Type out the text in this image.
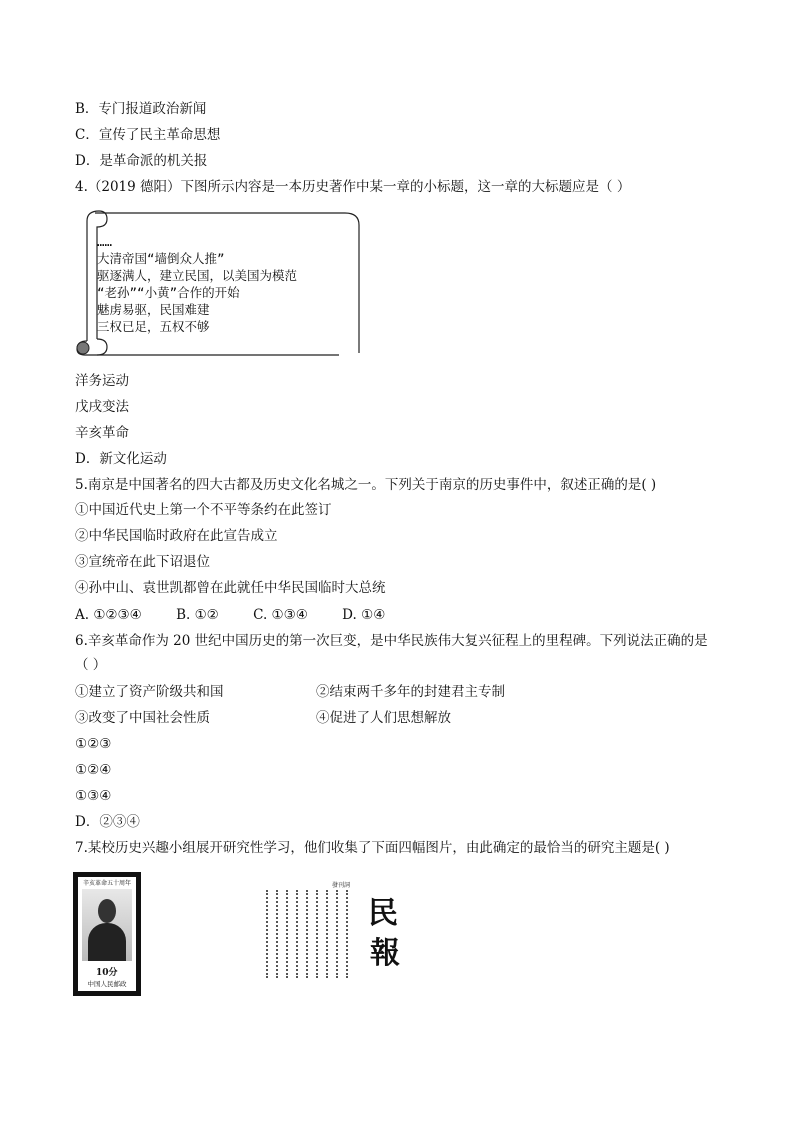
B．专门报道政治新闻
C．宣传了民主革命思想
D．是革命派的机关报
4.（2019 德阳）下图所示内容是一本历史著作中某一章的小标题，这一章的大标题应是（ ）
……
大清帝国“墙倒众人推”
驱逐满人，建立民国，以美国为模范
“老孙”“小黄”合作的开始
魅虏易驱，民国难建
三权已足，五权不够
洋务运动
戊戌变法
辛亥革命
D．新文化运动
5.南京是中国著名的四大古都及历史文化名城之一。下列关于南京的历史事件中，叙述正确的是( )
①中国近代史上第一个不平等条约在此签订
②中华民国临时政府在此宣告成立
③宣统帝在此下诏退位
④孙中山、袁世凯都曾在此就任中华民国临时大总统
A. ①②③④        B. ①②        C. ①③④        D. ①④
6.辛亥革命作为 20 世纪中国历史的第一次巨变，是中华民族伟大复兴征程上的里程碑。下列说法正确的是
（ ）
①建立了资产阶级共和国	②结束两千多年的封建君主专制
③改变了中国社会性质	④促进了人们思想解放
①②③
①②④
①③④
D．②③④
7.某校历史兴趣小组展开研究性学习，他们收集了下面四幅图片，由此确定的最恰当的研究主题是( )
辛亥革命五十周年
10分
中国人民邮政
發刊詞
民
報
